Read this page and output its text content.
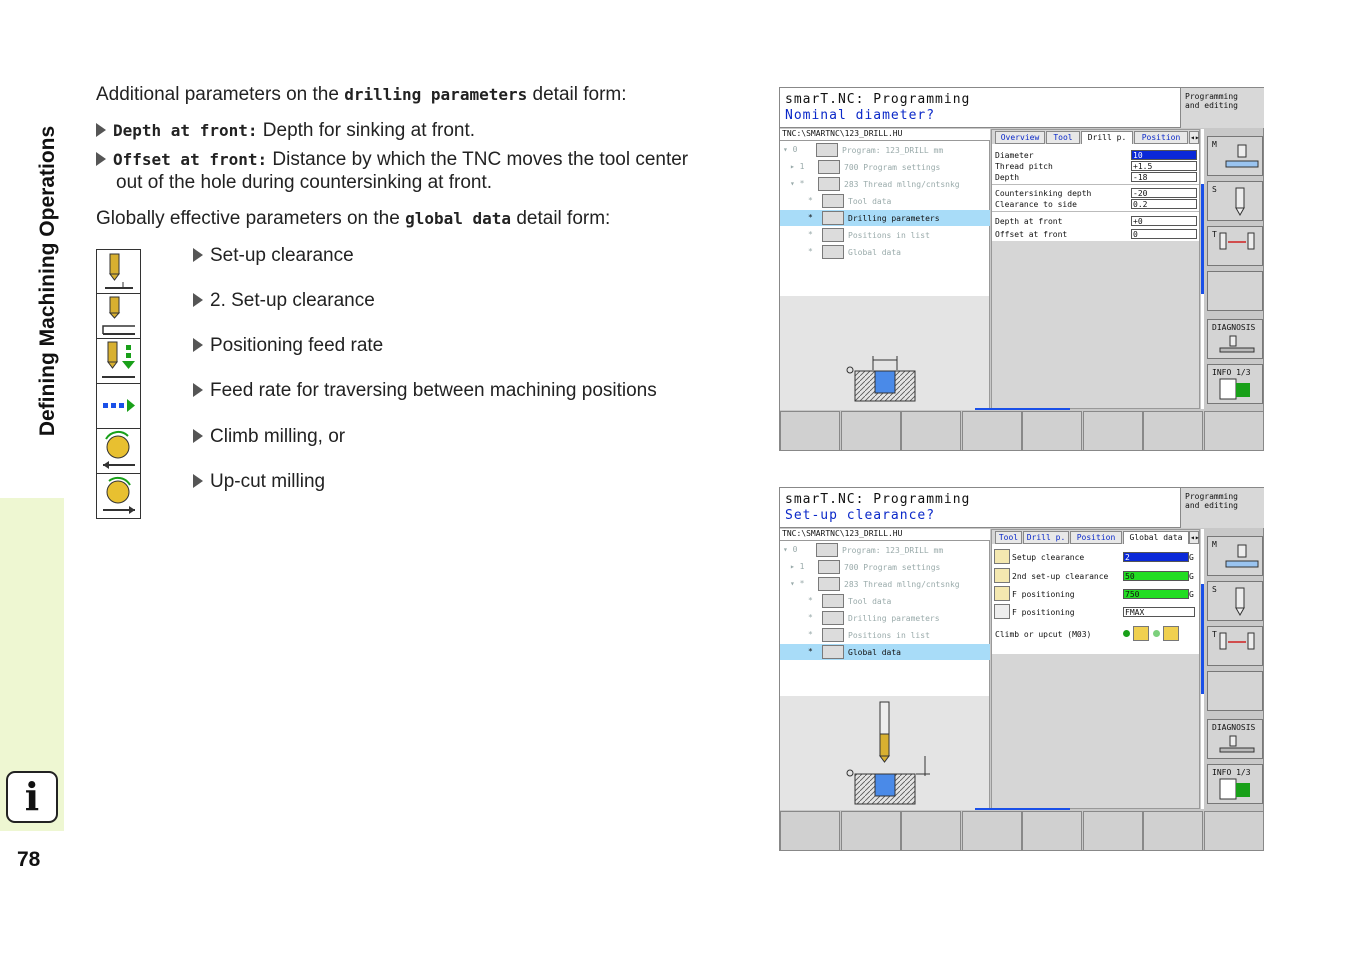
Defining Machining Operations
i
78
Additional parameters on the drilling parameters detail form:
Depth at front: Depth for sinking at front.
Offset at front: Distance by which the TNC moves the tool center
out of the hole during countersinking at front.
Globally effective parameters on the global data detail form:
Set-up clearance
2. Set-up clearance
Positioning feed rate
Feed rate for traversing between machining positions
Climb milling, or
Up-cut milling
smarT.NC: Programming
Nominal diameter?
Programming
and editing
TNC:\SMARTNC\123_DRILL.HU
▾ 0	Program: 123_DRILL mm
▸ 1	700 Program settings
▾ *	283 Thread mllng/cntsnkg
*	Tool data
*	Drilling parameters
*	Positions in list
*	Global data
Overview	Tool	Drill p.	Position	◂▸
Diameter	10
Thread pitch	+1.5
Depth	-18
Countersinking depth	-20
Clearance to side	0.2
Depth at front	+0
Offset at front	0
M
S
T
DIAGNOSIS
INFO 1/3
smarT.NC: Programming
Set-up clearance?
Programming
and editing
TNC:\SMARTNC\123_DRILL.HU
▾ 0	Program: 123_DRILL mm
▸ 1	700 Program settings
▾ *	283 Thread mllng/cntsnkg
*	Tool data
*	Drilling parameters
*	Positions in list
*	Global data
Tool	Drill p.	Position	Global data ◂▸
Setup clearance	2	G
2nd set-up clearance 50	G
F positioning	750	G
F positioning	FMAX
Climb or upcut (M03)
M
S
T
DIAGNOSIS
INFO 1/3
